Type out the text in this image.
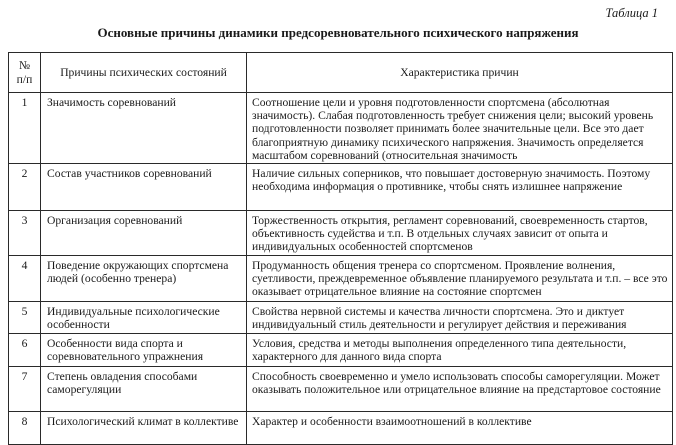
Таблица 1
Основные причины динамики предсоревновательного психического напряжения
№ п/п	Причины психических состояний	Характеристика причин
1	Значимость соревнований	Соотношение цели и уровня подготовленности спортсмена (абсолютная значимость). Слабая подготовленность требует снижения цели; высокий уровень подготовленности позволяет принимать более значительные цели. Все это дает благоприятную динамику психического напряжения. Значимость определяется масштабом соревнований (относительная значимость
2	Состав участников соревнований	Наличие сильных соперников, что повышает достоверную значимость. Поэтому необходима информация о противнике, чтобы снять излишнее напряжение
3	Организация соревнований	Торжественность открытия, регламент соревнований, своевременность стартов, объективность судейства и т.п. В отдельных случаях зависит от опыта и индивидуальных особенностей спортсменов
4	Поведение окружающих спортсмена людей (особенно тренера)	Продуманность общения тренера со спортсменом. Проявление волнения, суетливости, преждевременное объявление планируемого результата и т.п. – все это оказывает отрицательное влияние на состояние спортсмен
5	Индивидуальные психологические особенности	Свойства нервной системы и качества личности спортсмена. Это и диктует индивидуальный стиль деятельности и регулирует действия и переживания
6	Особенности вида спорта и соревновательного упражнения	Условия, средства и методы выполнения определенного типа деятельности, характерного для данного вида спорта
7	Степень овладения способами саморегуляции	Способность своевременно и умело использовать способы саморегуляции. Может оказывать положительное или отрицательное влияние на предстартовое состояние
8	Психологический климат в коллективе	Характер и особенности взаимоотношений в коллективе
